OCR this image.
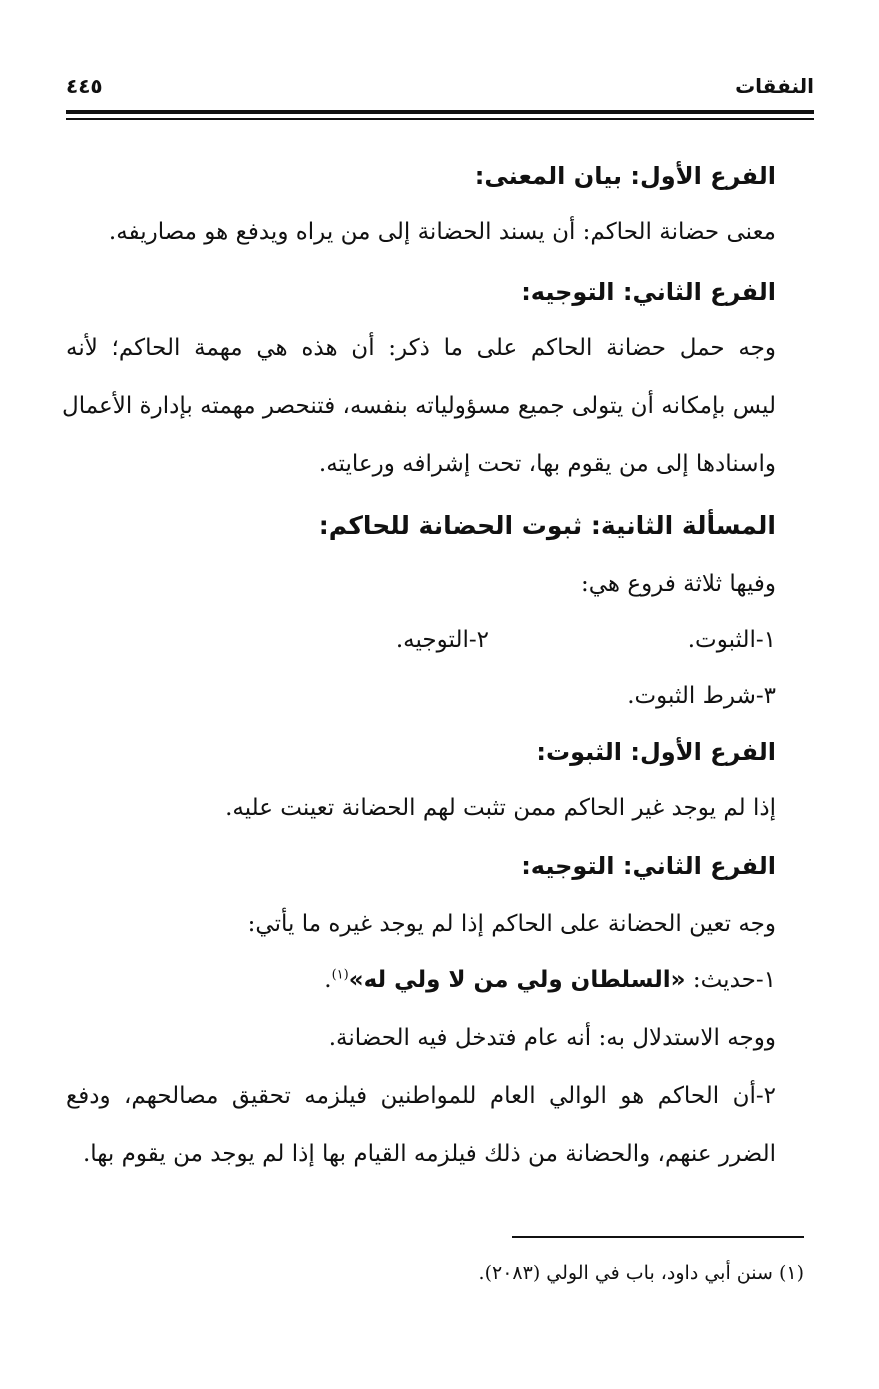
النفقات
٤٤٥
الفرع الأول: بيان المعنى:
معنى حضانة الحاكم: أن يسند الحضانة إلى من يراه ويدفع هو مصاريفه.
الفرع الثاني: التوجيه:
وجه حمل حضانة الحاكم على ما ذكر: أن هذه هي مهمة الحاكم؛ لأنه
ليس بإمكانه أن يتولى جميع مسؤولياته بنفسه، فتنحصر مهمته بإدارة الأعمال
واسنادها إلى من يقوم بها، تحت إشرافه ورعايته.
المسألة الثانية: ثبوت الحضانة للحاكم:
وفيها ثلاثة فروع هي:
١-الثبوت.
٢-التوجيه.
٣-شرط الثبوت.
الفرع الأول: الثبوت:
إذا لم يوجد غير الحاكم ممن تثبت لهم الحضانة تعينت عليه.
الفرع الثاني: التوجيه:
وجه تعين الحضانة على الحاكم إذا لم يوجد غيره ما يأتي:
١-حديث: «السلطان ولي من لا ولي له»$^{(١)}$.
ووجه الاستدلال به: أنه عام فتدخل فيه الحضانة.
٢-أن الحاكم هو الوالي العام للمواطنين فيلزمه تحقيق مصالحهم، ودفع
الضرر عنهم، والحضانة من ذلك فيلزمه القيام بها إذا لم يوجد من يقوم بها.
(١) سنن أبي داود، باب في الولي (٢٠٨٣).
